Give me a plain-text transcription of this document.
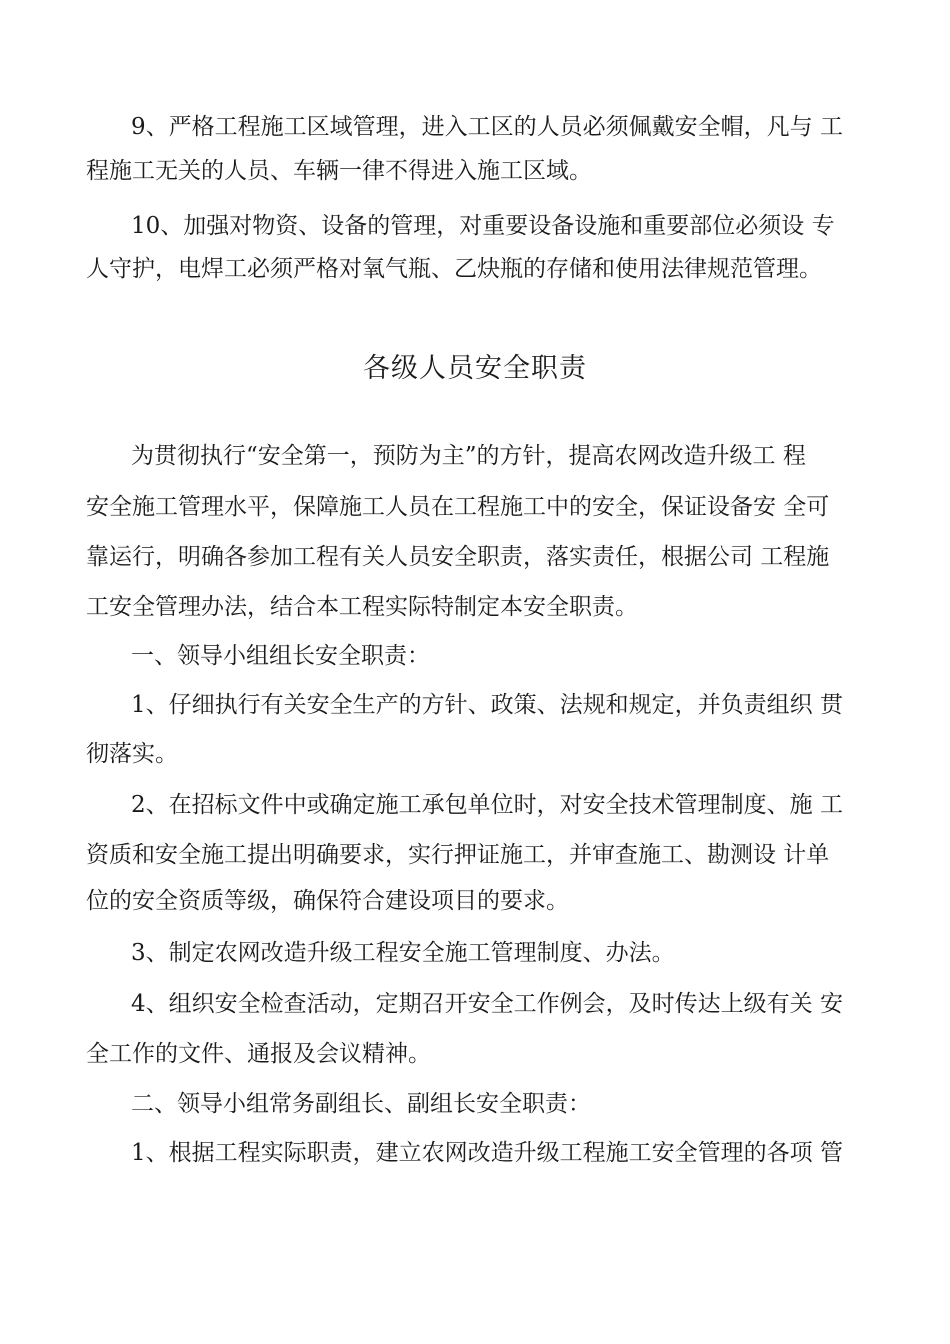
9、严格工程施工区域管理，进入工区的人员必须佩戴安全帽，凡与 工
程施工无关的人员、车辆一律不得进入施工区域。
10、加强对物资、设备的管理，对重要设备设施和重要部位必须设 专
人守护，电焊工必须严格对氧气瓶、乙炔瓶的存储和使用法律规范管理。
各级人员安全职责
为贯彻执行“安全第一，预防为主”的方针，提高农网改造升级工 程
安全施工管理水平，保障施工人员在工程施工中的安全，保证设备安 全可
靠运行，明确各参加工程有关人员安全职责，落实责任，根据公司 工程施
工安全管理办法，结合本工程实际特制定本安全职责。
一、领导小组组长安全职责：
1、仔细执行有关安全生产的方针、政策、法规和规定，并负责组织 贯
彻落实。
2、在招标文件中或确定施工承包单位时，对安全技术管理制度、施 工
资质和安全施工提出明确要求，实行押证施工，并审查施工、勘测设 计单
位的安全资质等级，确保符合建设项目的要求。
3、制定农网改造升级工程安全施工管理制度、办法。
4、组织安全检查活动，定期召开安全工作例会，及时传达上级有关 安
全工作的文件、通报及会议精神。
二、领导小组常务副组长、副组长安全职责：
1、根据工程实际职责，建立农网改造升级工程施工安全管理的各项 管
